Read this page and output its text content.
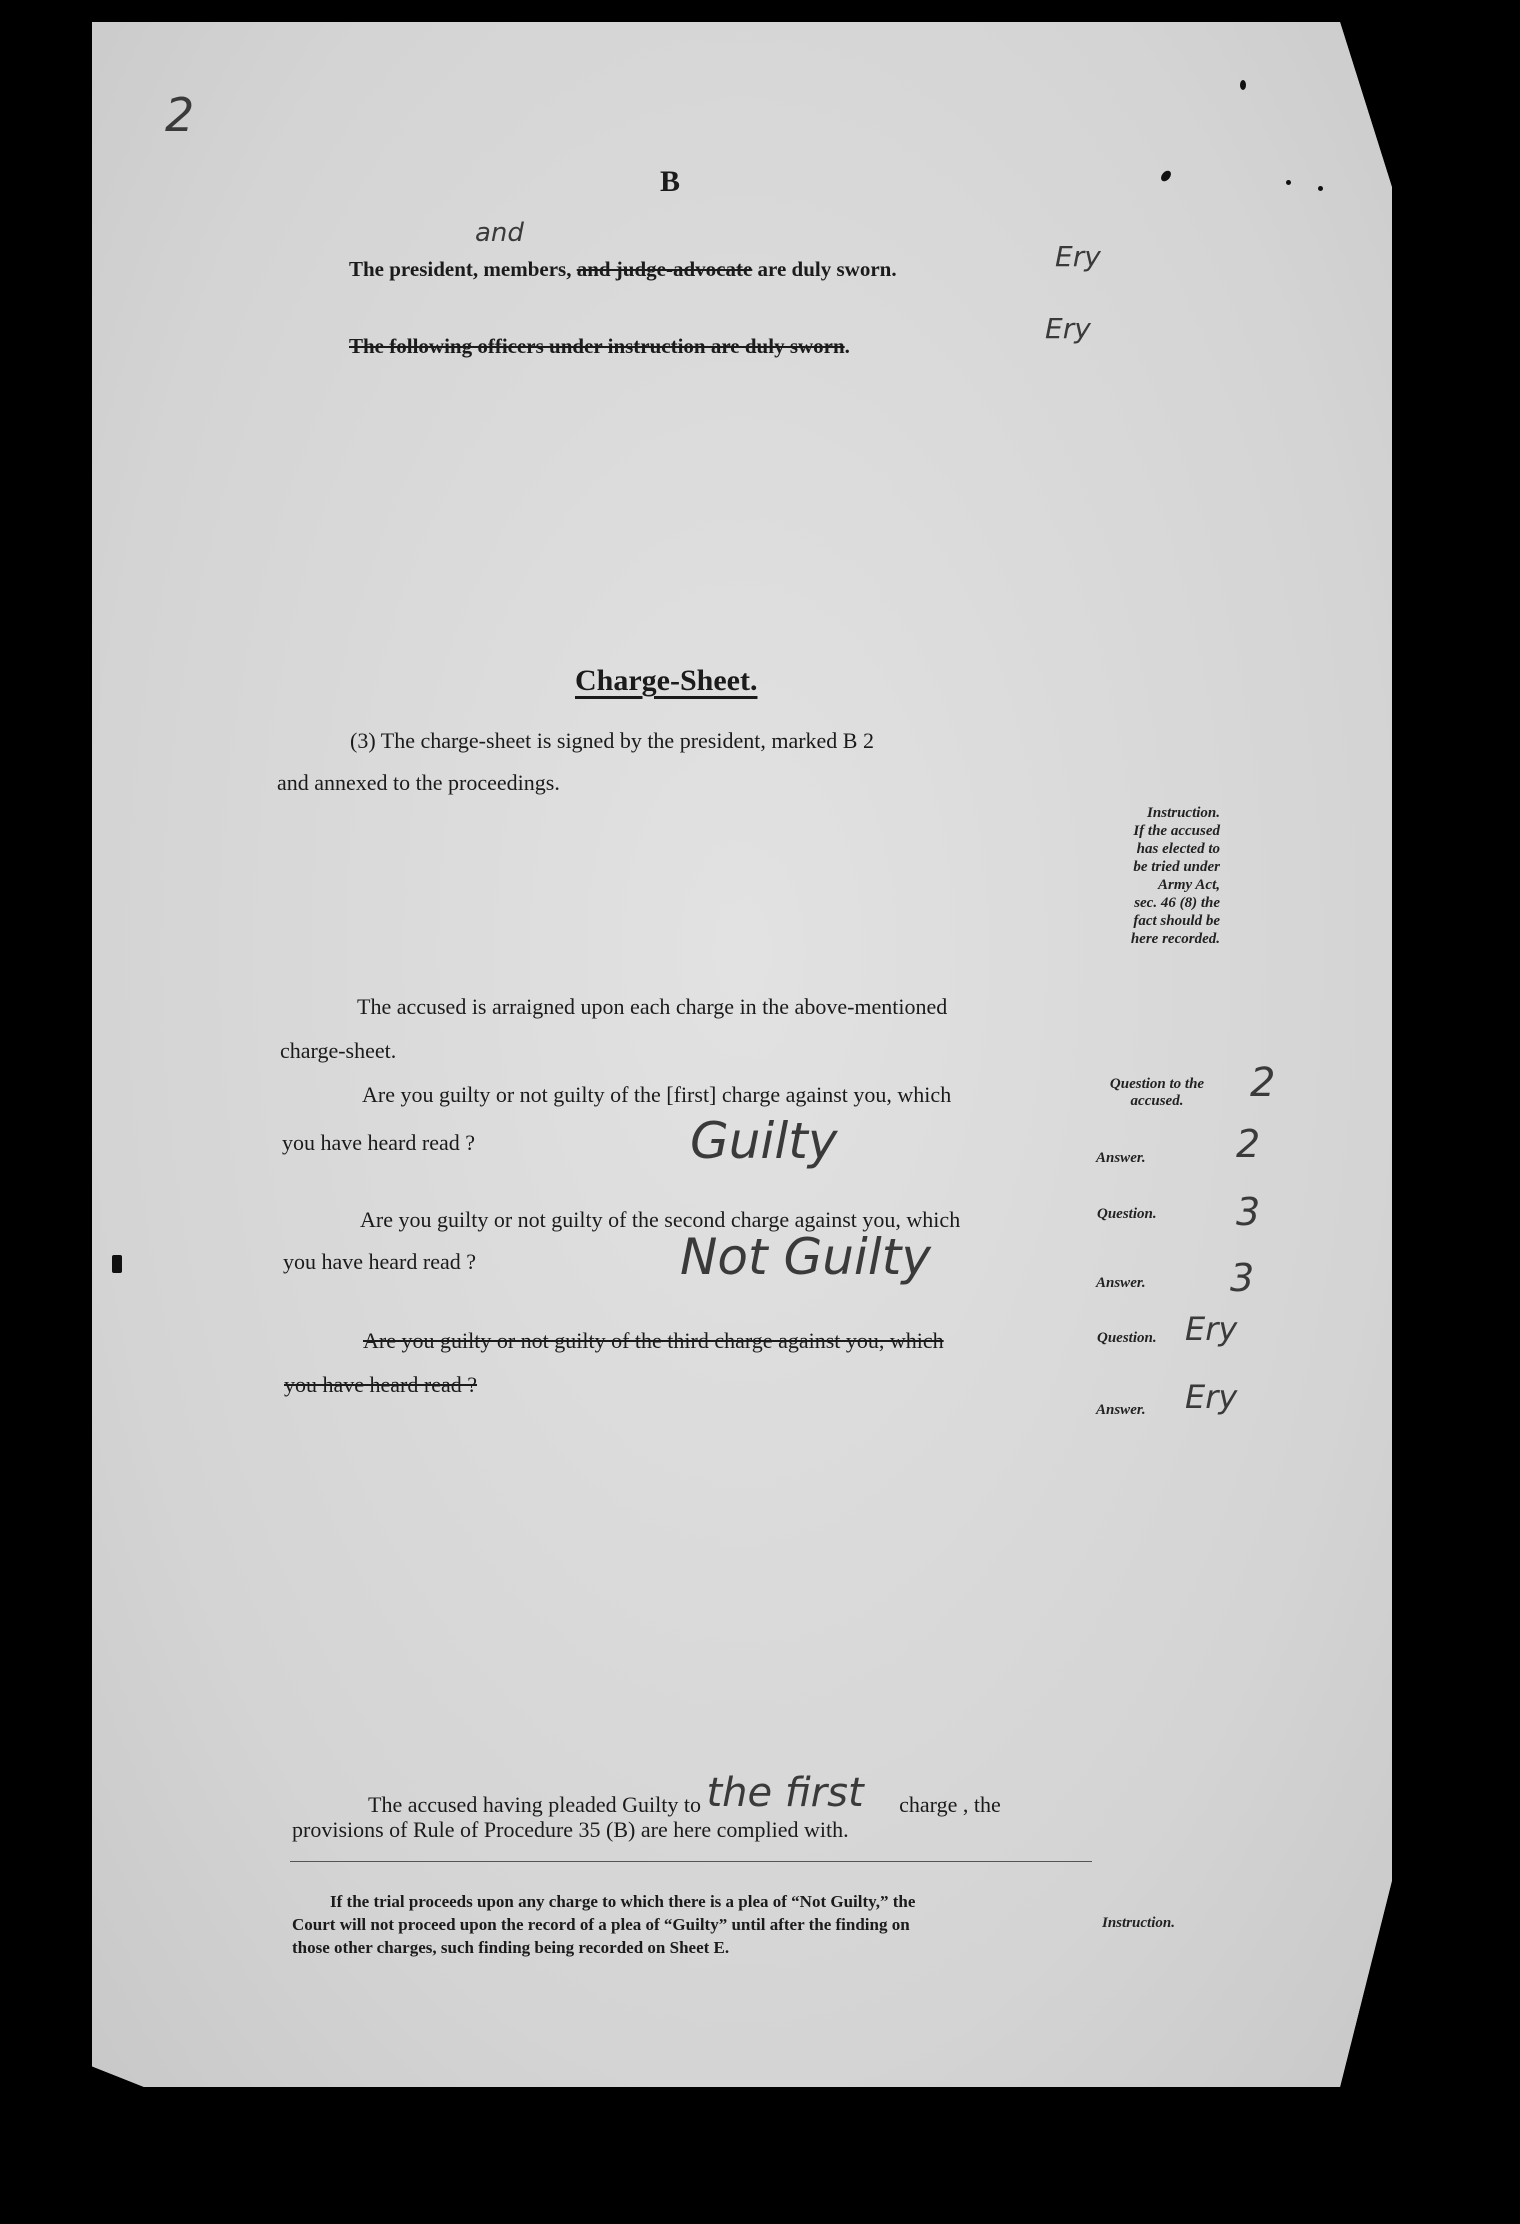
2
B
and
The president, members, and judge-advocate are duly sworn.	Ery
The following officers under instruction are duly sworn.
Ery
Charge-Sheet.
(3) The charge-sheet is signed by the president, marked B 2
and annexed to the proceedings.
Instruction.
If the accused
has elected to
be tried under
Army Act,
sec. 46 (8) the
fact should be
here recorded.
The accused is arraigned upon each charge in the above-mentioned
charge-sheet.
Are you guilty or not guilty of the [first] charge against you, which
you have heard read ?
Question to the accused.	2
Guilty	Answer. 2
Are you guilty or not guilty of the second charge against you, which
you have heard read ?
Question. 3
Not Guilty	Answer. 3
Are you guilty or not guilty of the third charge against you, which
you have heard read ?
Question. Ery
Answer. Ery
The accused having pleaded Guilty to the first charge , the
provisions of Rule of Procedure 35 (B) are here complied with.
If the trial proceeds upon any charge to which there is a plea of “Not Guilty,” the
Court will not proceed upon the record of a plea of “Guilty” until after the finding on
those other charges, such finding being recorded on Sheet E.
Instruction.
